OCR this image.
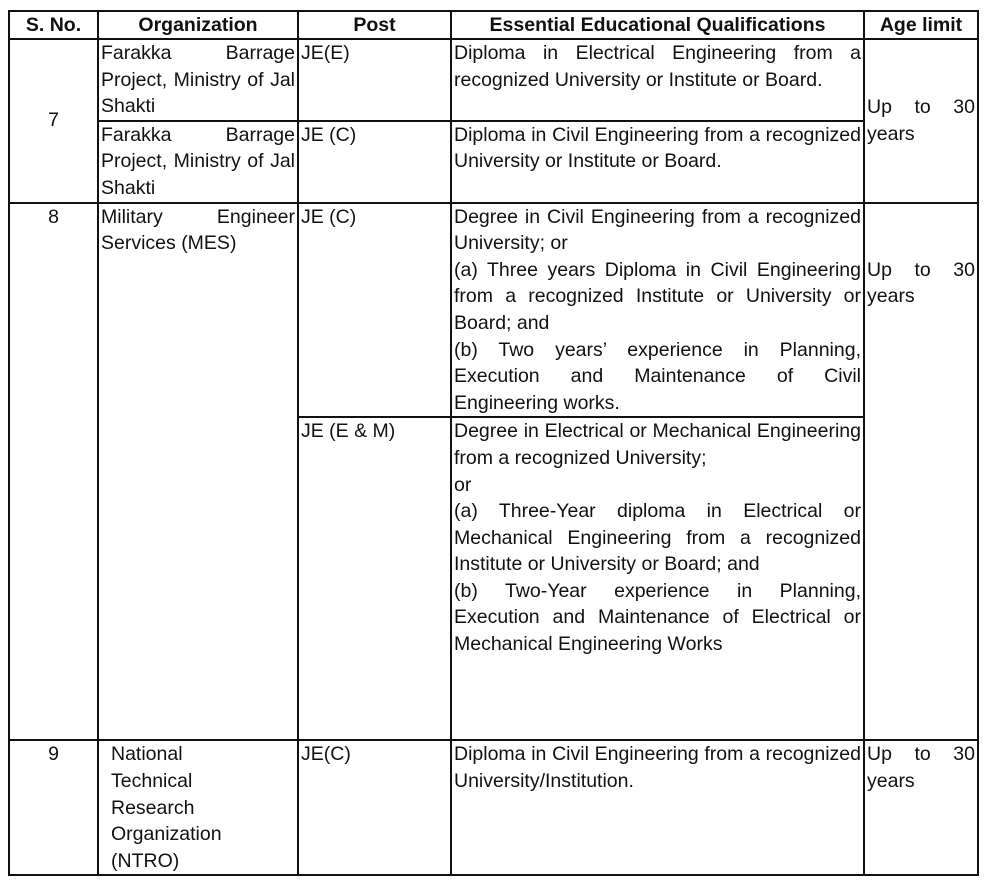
S. No.	Organization	Post	Essential Educational Qualifications	Age limit
7	Farakka Barrage Project, Ministry of Jal Shakti	JE(E)	Diploma in Electrical Engineering from a recognized University or Institute or Board.	Up to 30 years
	Farakka Barrage Project, Ministry of Jal Shakti	JE (C)	Diploma in Civil Engineering from a recognized University or Institute or Board.	
8	Military Engineer Services (MES)	JE (C)	Degree in Civil Engineering from a recognized University; or
(a) Three years Diploma in Civil Engineering from a recognized Institute or University or Board; and
(b) Two years’ experience in Planning, Execution and Maintenance of Civil Engineering works.	Up to 30 years
		JE (E & M)	Degree in Electrical or Mechanical Engineering from a recognized University;
or
(a) Three-Year diploma in Electrical or Mechanical Engineering from a recognized Institute or University or Board; and
(b) Two-Year experience in Planning, Execution and Maintenance of Electrical or Mechanical Engineering Works	

9	National Technical Research Organization (NTRO)	JE(C)	Diploma in Civil Engineering from a recognized University/Institution.	Up to 30 years
